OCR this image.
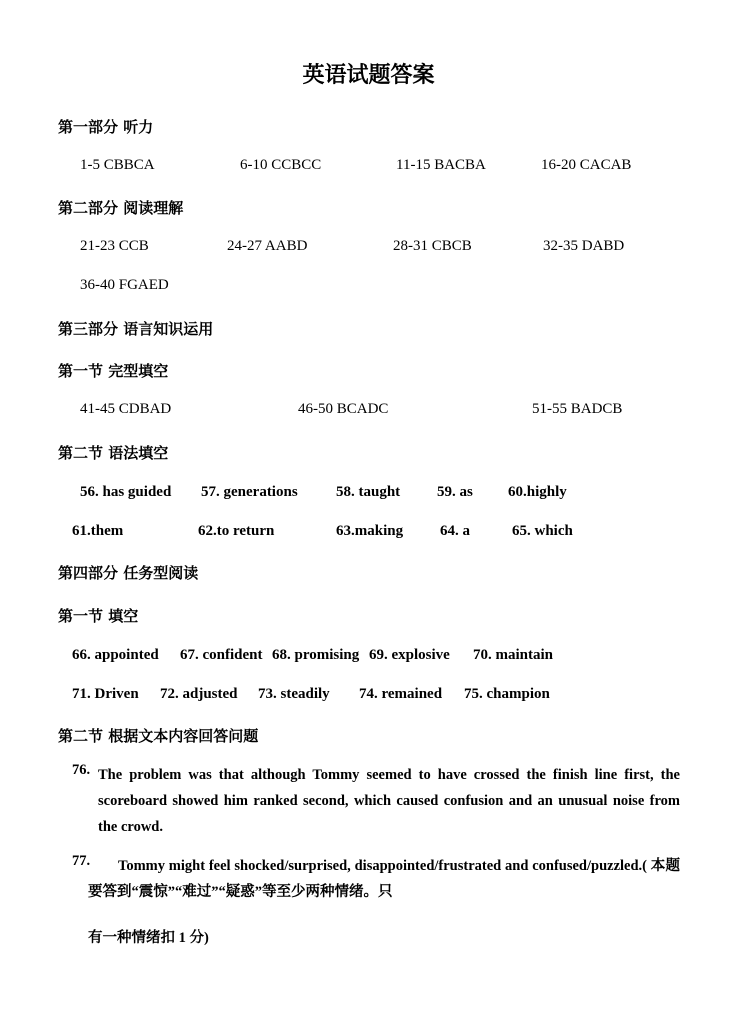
英语试题答案
第一部分 听力
1-5 CBBCA	6-10 CCBCC	11-15 BACBA	16-20 CACAB
第二部分 阅读理解
21-23 CCB	24-27 AABD	28-31 CBCB	32-35 DABD
36-40 FGAED
第三部分 语言知识运用
第一节 完型填空
41-45 CDBAD	46-50 BCADC	51-55 BADCB
第二节 语法填空
56. has guided 57. generations	58. taught 59. as 60.highly
61.them	62.to return	63.making 64. a	65. which
第四部分 任务型阅读
第一节 填空
66. appointed 67. confident 68. promising 69. explosive 70. maintain
71. Driven 72. adjusted 73. steadily 74. remained 75. champion
第二节 根据文本内容回答问题
76. The problem was that although Tommy seemed to have crossed the finish line first, the scoreboard showed him ranked second, which caused confusion and an unusual noise from the crowd.
77.	Tommy might feel shocked/surprised, disappointed/frustrated and confused/puzzled.( 本题要答到“震惊”“难过”“疑惑”等至少两种情绪。只
有一种情绪扣 1 分)
